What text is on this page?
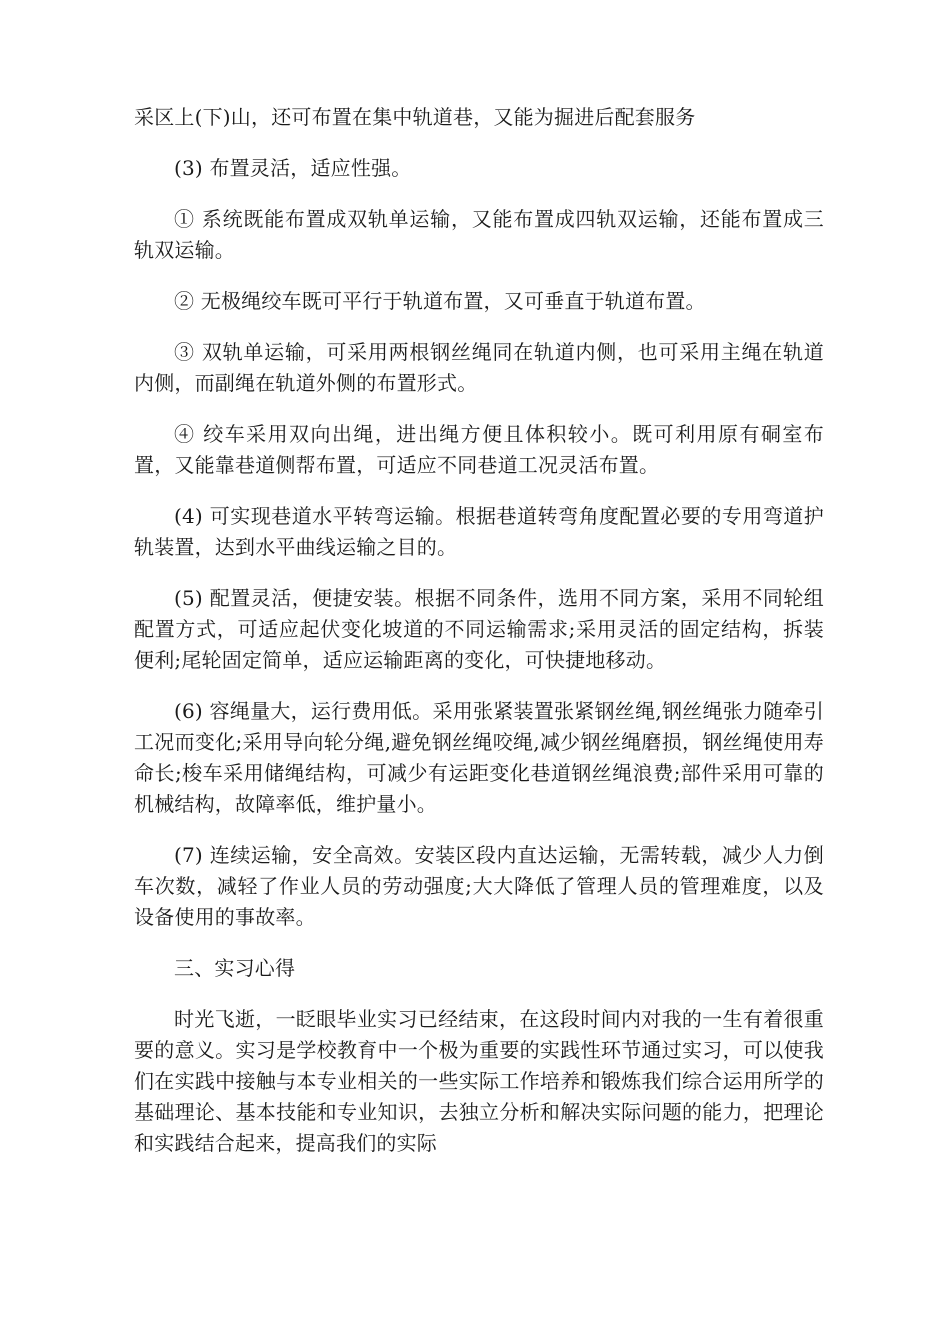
采区上(下)山，还可布置在集中轨道巷，又能为掘进后配套服务

(3) 布置灵活，适应性强。

① 系统既能布置成双轨单运输，又能布置成四轨双运输，还能布置成三轨双运输。

② 无极绳绞车既可平行于轨道布置，又可垂直于轨道布置。

③ 双轨单运输，可采用两根钢丝绳同在轨道内侧，也可采用主绳在轨道内侧，而副绳在轨道外侧的布置形式。

④ 绞车采用双向出绳，进出绳方便且体积较小。既可利用原有硐室布置，又能靠巷道侧帮布置，可适应不同巷道工况灵活布置。

(4) 可实现巷道水平转弯运输。根据巷道转弯角度配置必要的专用弯道护轨装置，达到水平曲线运输之目的。

(5) 配置灵活，便捷安装。根据不同条件，选用不同方案，采用不同轮组配置方式，可适应起伏变化坡道的不同运输需求;采用灵活的固定结构，拆装便利;尾轮固定简单，适应运输距离的变化，可快捷地移动。

(6) 容绳量大，运行费用低。采用张紧装置张紧钢丝绳,钢丝绳张力随牵引工况而变化;采用导向轮分绳,避免钢丝绳咬绳,减少钢丝绳磨损，钢丝绳使用寿命长;梭车采用储绳结构，可减少有运距变化巷道钢丝绳浪费;部件采用可靠的机械结构，故障率低，维护量小。

(7) 连续运输，安全高效。安装区段内直达运输，无需转载，减少人力倒车次数，减轻了作业人员的劳动强度;大大降低了管理人员的管理难度，以及设备使用的事故率。

三、实习心得

时光飞逝，一眨眼毕业实习已经结束，在这段时间内对我的一生有着很重要的意义。实习是学校教育中一个极为重要的实践性环节通过实习，可以使我们在实践中接触与本专业相关的一些实际工作培养和锻炼我们综合运用所学的基础理论、基本技能和专业知识，去独立分析和解决实际问题的能力，把理论和实践结合起来，提高我们的实际
